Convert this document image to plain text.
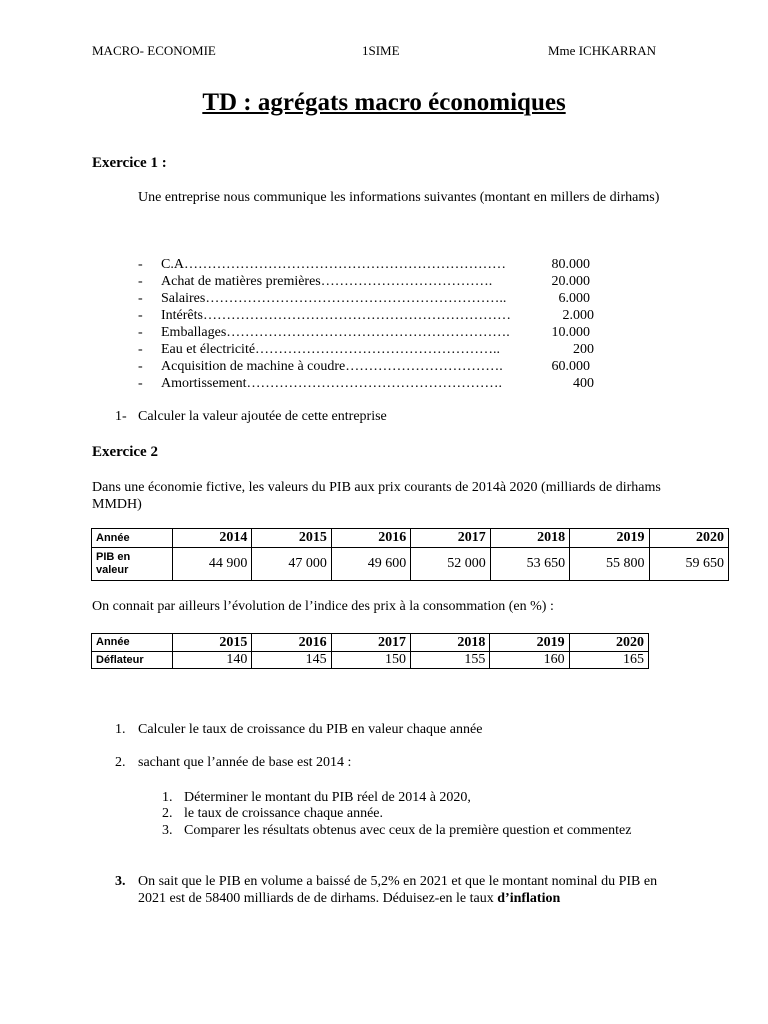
MACRO- ECONOMIE	1SIME	Mme ICHKARRAN
TD : agrégats macro économiques
Exercice 1 :
Une entreprise nous communique les informations suivantes (montant en millers de dirhams)
- C.A……………………………………………………………	80.000
- Achat de matières premières……………………………….	20.000
- Salaires………………………………………………………..	6.000
- Intérêts…………………………………………………………	2.000
- Emballages…………………………………………………….	10.000
- Eau et électricité……………………………………………..	200
- Acquisition de machine à coudre…………………………….	60.000
- Amortissement……………………………………………….	400
1- Calculer la valeur ajoutée de cette entreprise
Exercice 2
Dans une économie fictive, les valeurs du PIB aux prix courants de 2014à 2020 (milliards de dirhams MMDH)
Année	2014	2015	2016	2017	2018	2019	2020

PIB en
valeur	44 900	47 000	49 600	52 000	53 650	55 800	59 650
On connait par ailleurs l’évolution de l’indice des prix à la consommation (en %) :
Année	2015	2016	2017	2018	2019	2020
Déflateur	140	145	150	155	160	165
1. Calculer le taux de croissance du PIB en valeur chaque année
2. sachant que l’année de base est 2014 :
1. Déterminer le montant du PIB réel de 2014 à 2020,
2. le taux de croissance chaque année.
3. Comparer les résultats obtenus avec ceux de la première question et commentez
3. On sait que le PIB en volume a baissé de 5,2% en 2021 et que le montant nominal du PIB en 2021 est de 58400 milliards de de dirhams. Déduisez-en le taux d’inflation
